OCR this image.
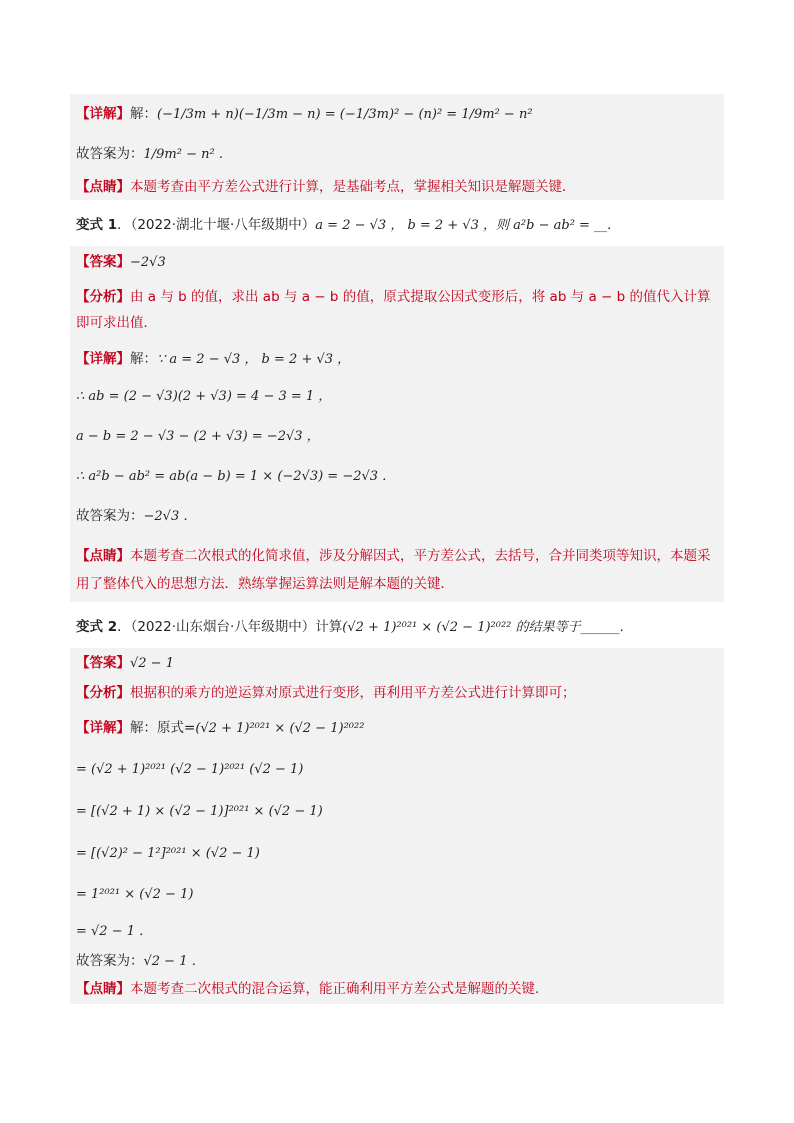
【详解】 解： (−1/3m + n)(−1/3m − n) = (−1/3m)² − (n)² = 1/9m² − n²
故答案为： 1/9m² − n² .
【点睛】 本题考查由平方差公式进行计算，是基础考点，掌握相关知识是解题关键．
变式 1 ．（2022·湖北十堰·八年级期中） a = 2 − √3 ， b = 2 + √3 ，则 a²b − ab² = __．
【答案】 −2√3
【分析】由 a 与 b 的值，求出 ab 与 a − b 的值，原式提取公因式变形后，将 ab 与 a − b 的值代入计算即可求出值．
【详解】 解： ∵ a = 2 − √3 ， b = 2 + √3 ，
∴ ab = (2 − √3)(2 + √3) = 4 − 3 = 1 ，
a − b = 2 − √3 − (2 + √3) = −2√3 ，
∴ a²b − ab² = ab(a − b) = 1 × (−2√3) = −2√3 ．
故答案为： −2√3 ．
【点睛】本题考查二次根式的化简求值，涉及分解因式，平方差公式，去括号，合并同类项等知识，本题采用了整体代入的思想方法．熟练掌握运算法则是解本题的关键．
变式 2 ．（2022·山东烟台·八年级期中）计算 (√2 + 1)²⁰²¹ × (√2 − 1)²⁰²² 的结果等于______．
【答案】 √2 − 1
【分析】 根据积的乘方的逆运算对原式进行变形，再利用平方差公式进行计算即可；
【详解】 解：原式= (√2 + 1)²⁰²¹ × (√2 − 1)²⁰²²
= (√2 + 1)²⁰²¹ (√2 − 1)²⁰²¹ (√2 − 1)
= [(√2 + 1) × (√2 − 1)]²⁰²¹ × (√2 − 1)
= [(√2)² − 1²]²⁰²¹ × (√2 − 1)
= 1²⁰²¹ × (√2 − 1)
= √2 − 1 ．
故答案为： √2 − 1 ．
【点睛】 本题考查二次根式的混合运算，能正确利用平方差公式是解题的关键．
